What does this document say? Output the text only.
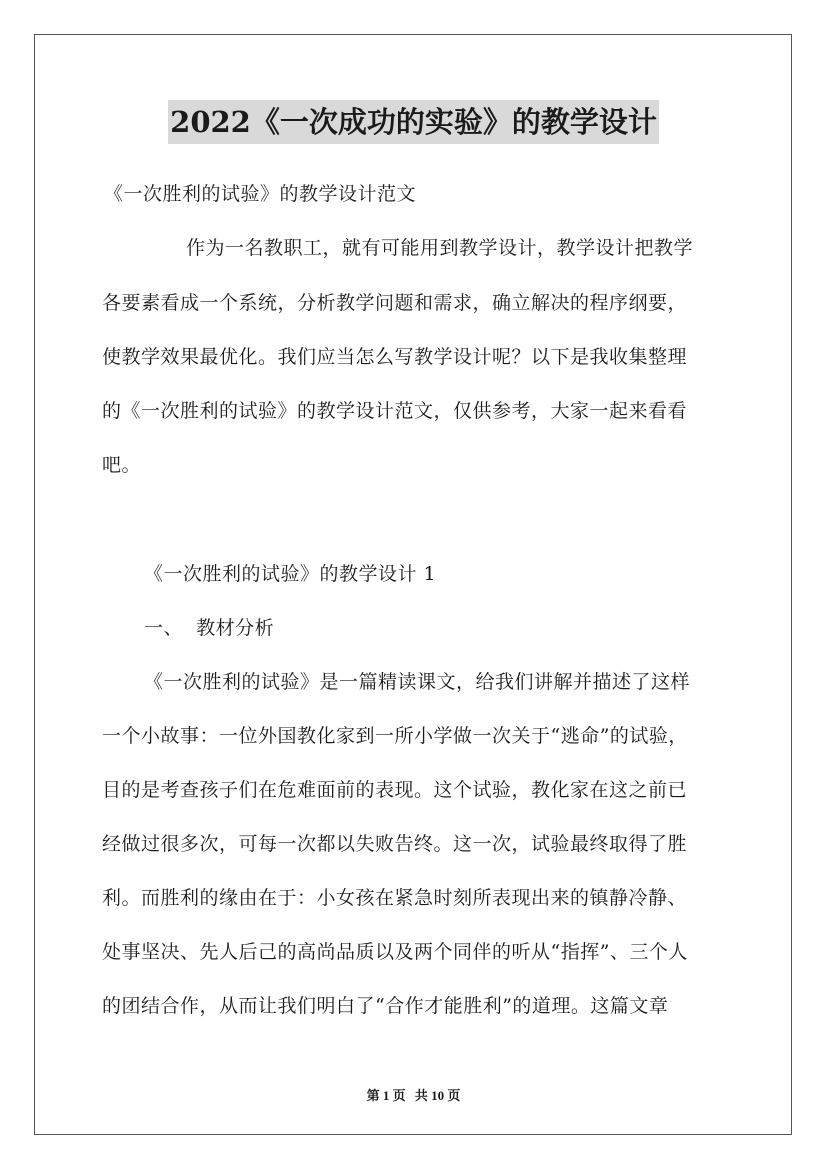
2022《一次成功的实验》的教学设计
《一次胜利的试验》的教学设计范文
作为一名教职工，就有可能用到教学设计，教学设计把教学
各要素看成一个系统，分析教学问题和需求，确立解决的程序纲要，
使教学效果最优化。我们应当怎么写教学设计呢？以下是我收集整理
的《一次胜利的试验》的教学设计范文，仅供参考，大家一起来看看
吧。
《一次胜利的试验》的教学设计 1
一、  教材分析
《一次胜利的试验》是一篇精读课文，给我们讲解并描述了这样
一个小故事：一位外国教化家到一所小学做一次关于“逃命”的试验，
目的是考查孩子们在危难面前的表现。这个试验，教化家在这之前已
经做过很多次，可每一次都以失败告终。这一次，试验最终取得了胜
利。而胜利的缘由在于：小女孩在紧急时刻所表现出来的镇静冷静、
处事坚决、先人后己的高尚品质以及两个同伴的听从“指挥”、三个人
的团结合作，从而让我们明白了“合作才能胜利”的道理。这篇文章
第 1 页 共 10 页
